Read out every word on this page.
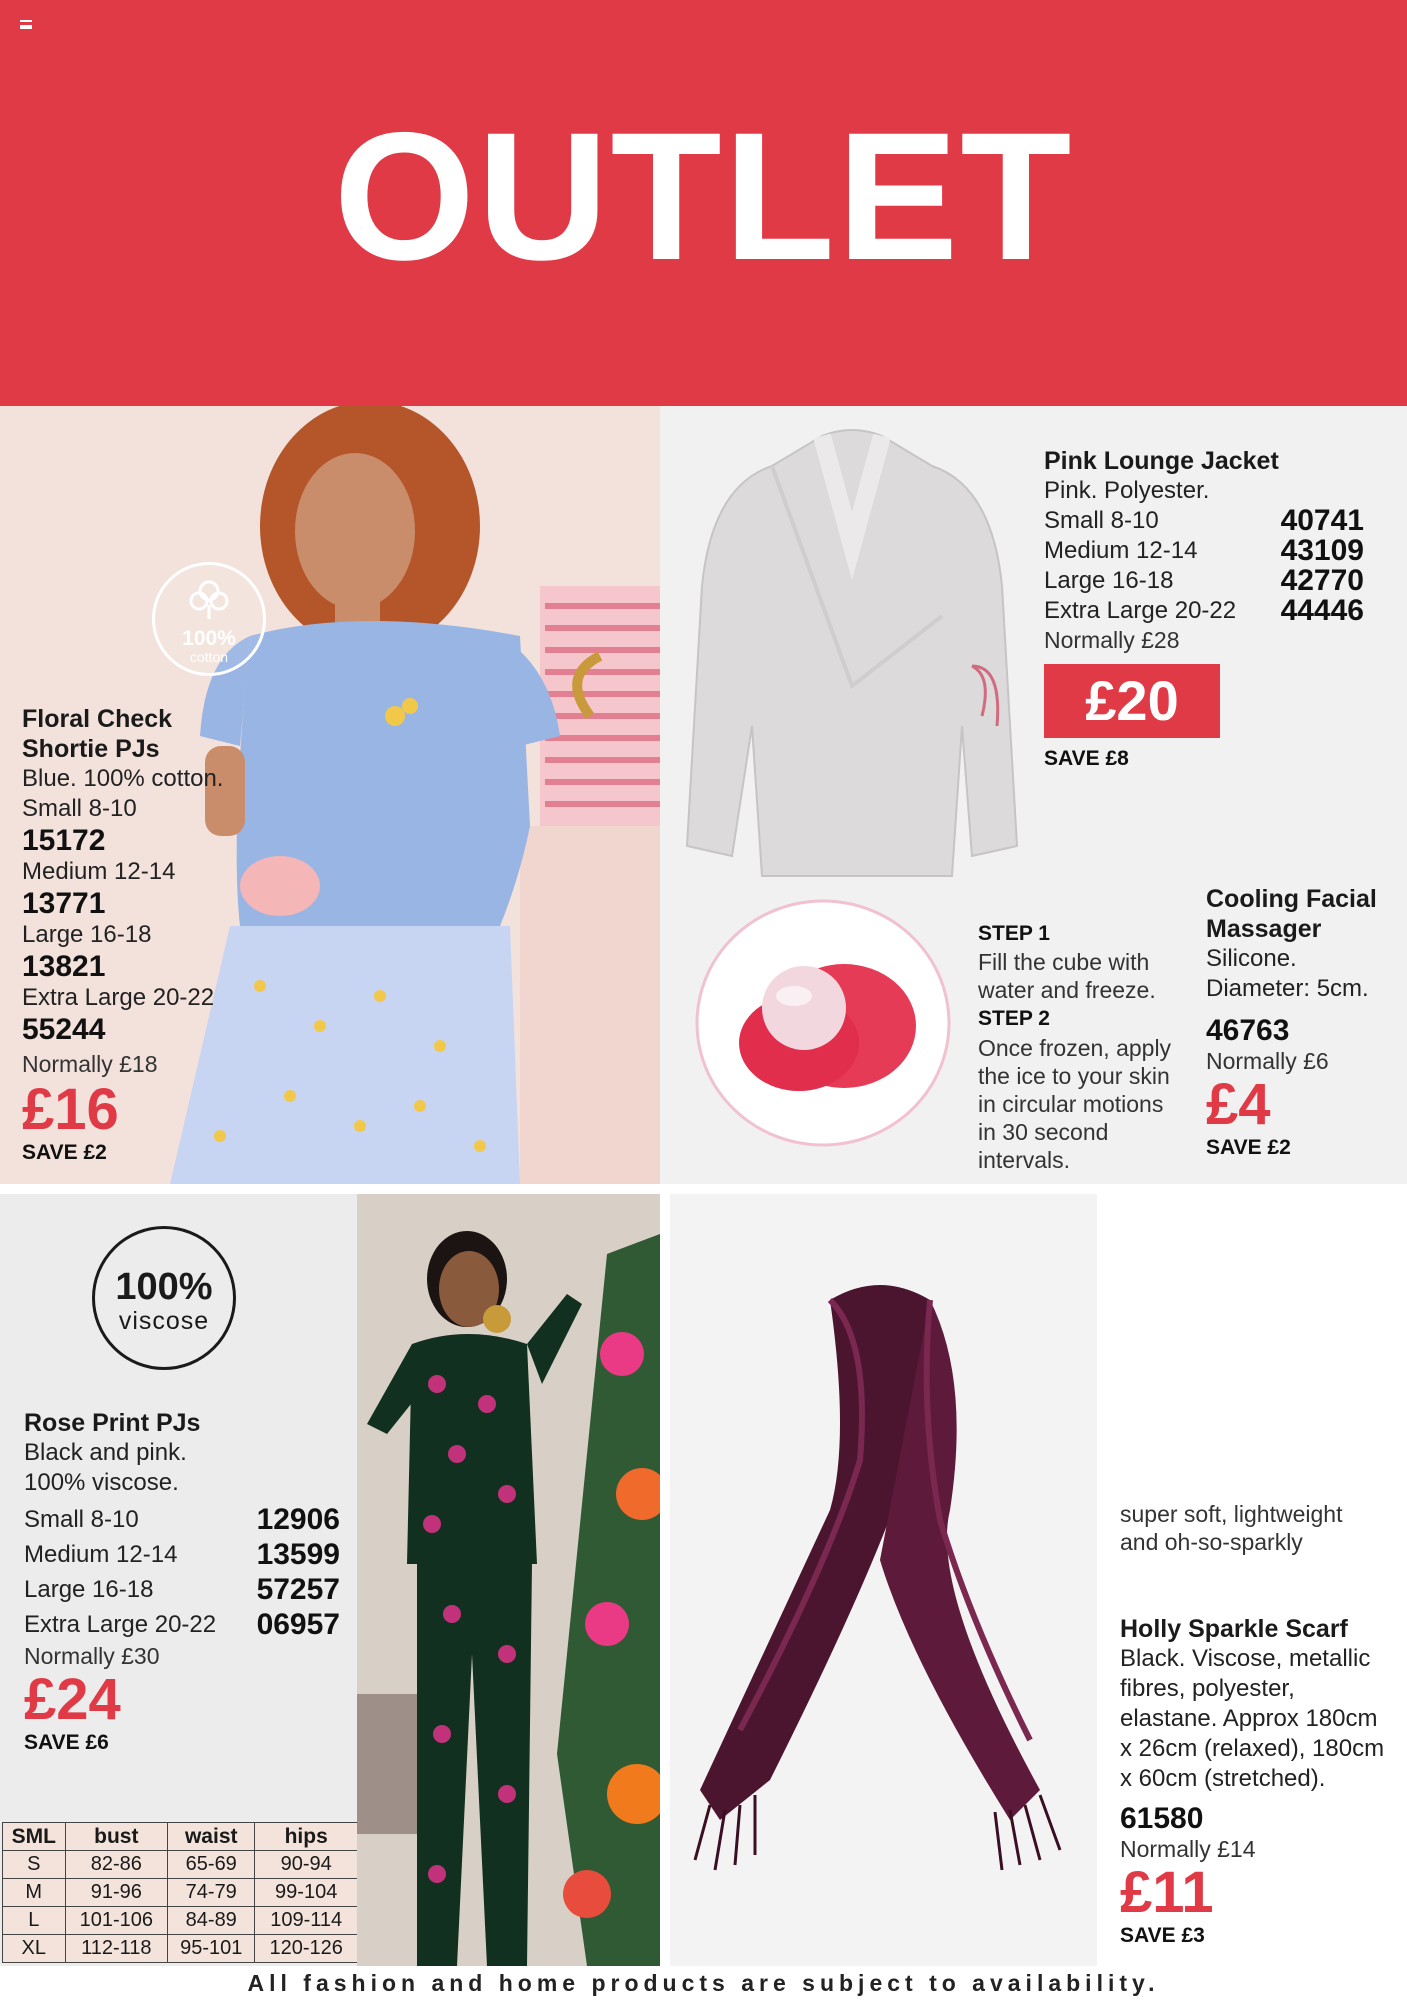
OUTLET
100%
cotton
Floral Check
Shortie PJs
Blue. 100% cotton.
Small 8-10
15172
Medium 12-14
13771
Large 16-18
13821
Extra Large 20-22
55244
Normally £18
£16
SAVE £2
Pink Lounge Jacket
Pink. Polyester.
Small 8-10	40741
Medium 12-14	43109
Large 16-18	42770
Extra Large 20-22 44446
Normally £28
£20
SAVE £8
STEP 1
Fill the cube with
water and freeze.
STEP 2
Once frozen, apply
the ice to your skin
in circular motions
in 30 second
intervals.
Cooling Facial
Massager
Silicone.
Diameter: 5cm.
46763
Normally £6
£4
SAVE £2
100%
viscose
Rose Print PJs
Black and pink.
100% viscose.
Small 8-10	12906
Medium 12-14	13599
Large 16-18	57257
Extra Large 20-22 06957
Normally £30
£24
SAVE £6
SML	bust	waist	hips
S	82-86	65-69	90-94
M	91-96	74-79	99-104
L	101-106	84-89	109-114
XL	112-118	95-101	120-126
super soft, lightweight
and oh-so-sparkly
Holly Sparkle Scarf
Black. Viscose, metallic
fibres, polyester,
elastane. Approx 180cm
x 26cm (relaxed), 180cm
x 60cm (stretched).
61580
Normally £14
£11
SAVE £3
All fashion and home products are subject to availability.
